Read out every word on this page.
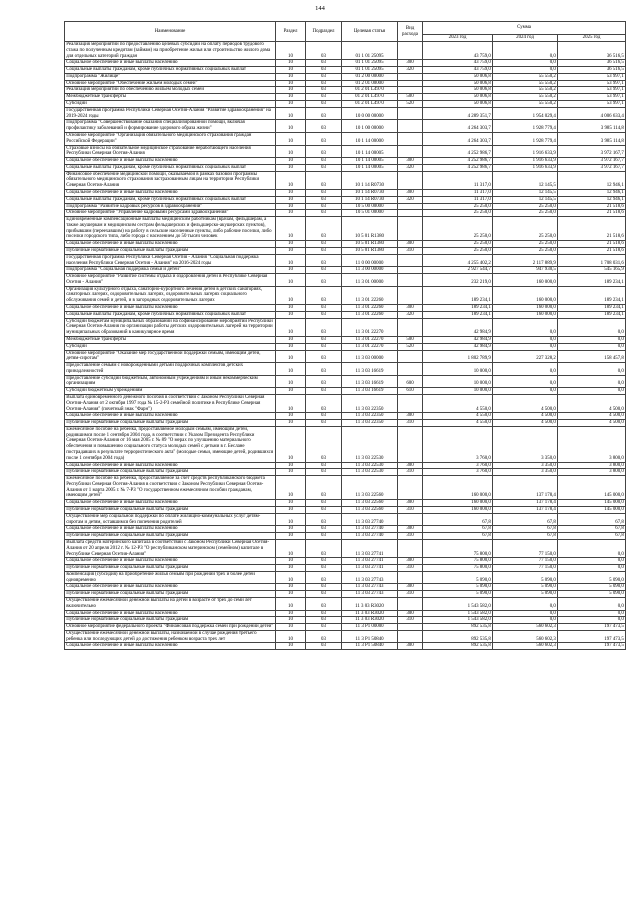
144
Наименование	Раздел	Подраздел	Целевая статья	Вид расхода	Сумма		
					2023 год	2024 год	2025 год
Реализация мероприятий по предоставлению целевых субсидий на оплату периодов трудового стажа по полученным кредитам (займам) на приобретение жилья или строительство жилого дома для отдельных категорий граждан	10	03	01 1 01 25095		43 759,0	0,0	36 516,5
Социальное обеспечение и иные выплаты населению	10	03	01 1 01 25095	300	43 759,0	0,0	36 516,5
Социальные выплаты гражданам, кроме публичных нормативных социальных выплат	10	03	01 1 01 25095	320	43 759,0	0,0	36 516,5
Подпрограмма "Жилище"	10	03	01 2 00 00000		50 006,8	55 550,2	53 997,1
Основное мероприятие "Обеспечение жильем молодых семей"	10	03	01 2 01 00000		50 006,8	55 550,2	53 997,1
Реализация мероприятий по обеспечению жильем молодых семей	10	03	01 2 01 L4970		50 006,8	55 550,2	53 997,1
Межбюджетные трансферты	10	03	01 2 01 L4970	500	50 006,8	55 550,2	53 997,1
Субсидии	10	03	01 2 01 L4970	520	50 006,8	55 550,2	53 997,1
Государственная программа Республики Северная Осетия-Алания "Развитие здравоохранения" на 2019-2024 годы	10	03	10 0 00 00000		4 289 351,7	1 954 029,4	4 006 633,4
Подпрограмма "Совершенствование оказания специализированной помощи, включая профилактику заболеваний и формирование здорового образа жизни"	10	03	10 1 00 00000		4 264 303,7	1 928 779,4	3 985 114,8
Основное мероприятие "Организация обязательного медицинского страхования граждан Российской Федерации"	10	03	10 1 14 00000		4 264 303,7	1 928 779,4	3 985 114,8
Страховые взносы на обязательное медицинское страхование неработающего населения Республики Северная Осетия-Алания	10	03	10 1 14 00005		4 252 986,7	1 916 633,9	3 972 167,7
Социальное обеспечение и иные выплаты населению	10	03	10 1 14 00005	300	4 252 986,7	1 916 633,9	3 972 167,7
Социальные выплаты гражданам, кроме публичных нормативных социальных выплат	10	03	10 1 14 00005	320	4 252 986,7	1 916 633,9	3 972 167,7
Финансовое обеспечение медицинской помощи, оказываемой в рамках базовой программы обязательного медицинского страхования застрахованным лицам на территории Республики Северная Осетия-Алания	10	03	10 1 14 R0730		11 317,0	12 145,5	12 946,1
Социальное обеспечение и иные выплаты населению	10	03	10 1 14 R0730	300	11 317,0	12 145,5	12 946,1
Социальные выплаты гражданам, кроме публичных нормативных социальных выплат	10	03	10 1 14 R0730	320	11 317,0	12 145,5	12 946,1
Подпрограмма "Развитие кадровых ресурсов в здравоохранении"	10	03	10 5 00 00000		25 250,0	25 250,0	21 518,6
Основное мероприятие "Управление кадровыми ресурсами здравоохранения"	10	03	10 5 01 00000		25 250,0	25 250,0	21 518,6
Единовременные компенсационные выплаты медицинским работникам (врачам, фельдшерам, а также акушеркам и медицинским сестрам фельдшерских и фельдшерско-акушерских пунктов), прибывшим (переехавшим) на работу в сельские населенные пункты, либо рабочие поселки, либо поселки городского типа, либо города с населением до 50 тысяч человек	10	03	10 5 01 R1380		25 250,0	25 250,0	21 518,6
Социальное обеспечение и иные выплаты населению	10	03	10 5 01 R1380	300	25 250,0	25 250,0	21 518,6
Публичные нормативные социальные выплаты гражданам	10	03	10 5 01 R1380	310	25 250,0	25 250,0	21 518,6
Государственная программа Республики Северная Осетия - Алания "Социальная поддержка населения Республики Северная Осетия - Алания" на 2016-2024 годы	10	03	11 0 00 00000		4 255 402,2	2 117 889,9	1 708 031,6
Подпрограмма "Социальная поддержка семьи и детей"	10	03	11 3 00 00000		2 927 544,7	947 930,5	545 165,9
Основное мероприятие "Развитие системы отдыха и оздоровления детей в Республике Северная Осетия - Алания"	10	03	11 3 01 00000		232 219,0	160 000,0	189 234,1
Организация культурного отдыха, санаторно-курортного лечения детей в детских санаториях, санаторных лагерях, оздоровительных лагерях, оздоровительных лагерях социального обслуживания семей и детей, и в загородных оздоровительных лагерях	10	03	11 3 01 22260		189 234,1	160 000,0	189 234,1
Социальное обеспечение и иные выплаты населению	10	03	11 3 01 22260	300	189 234,1	160 000,0	189 234,1
Социальные выплаты гражданам, кроме публичных нормативных социальных выплат	10	03	11 3 01 22260	320	189 234,1	160 000,0	189 234,1
Субсидии бюджетам муниципальных образований на софинансирование мероприятий Республики Северная Осетия-Алания по организации работы детских оздоровительных лагерей на территории муниципальных образований в каникулярное время	10	03	11 3 01 22270		42 984,9	0,0	0,0
Межбюджетные трансферты	10	03	11 3 01 22270	500	42 984,9	0,0	0,0
Субсидии	10	03	11 3 01 22270	520	42 984,9	0,0	0,0
Основное мероприятие "Оказание мер государственной поддержки семьям, имеющим детей, детям-сиротам"	10	03	11 3 03 00000		1 802 789,9	227 328,2	158 457,8
Предоставление семьям с новорожденными детьми подарочных комплектов детских принадлежностей	10	03	11 3 03 16619		10 000,0	0,0	0,0
Предоставление субсидий бюджетным, автономным учреждениям и иным некоммерческим организациям	10	03	11 3 03 16619	600	10 000,0	0,0	0,0
Субсидии бюджетным учреждениям	10	03	11 3 03 16619	610	10 000,0	0,0	0,0
Выплата единовременного денежного пособия в соответствии с Законом Республики Северная Осетия-Алания от 2 октября 1997 года № 15-2-РЗ семейной политике в Республике Северная Осетия-Алания" (почетный знак "Фарн")	10	03	11 3 03 22350		4 550,0	4 500,0	4 500,0
Социальное обеспечение и иные выплаты населению	10	03	11 3 03 22350	300	4 550,0	4 500,0	4 500,0
Публичные нормативные социальные выплаты гражданам	10	03	11 3 03 22350	310	4 550,0	4 500,0	4 500,0
Ежемесячное пособие на ребенка, предоставляемое молодым семьям, имеющим детей, родившимся после 1 сентября 2004 года, в соответствии с Указом Президента Республики Северная Осетия-Алания от 16 мая 2005 г. № 89 "О мерах по улучшению материального обеспечения и повышению социального статуса молодых семей с детьми в г. Беслане пострадавших в результате террористического акта" (молодые семьи, имеющие детей, родившихся после 1 сентября 2004 года)	10	03	11 3 03 22530		3 760,0	3 350,0	3 800,0
Социальное обеспечение и иные выплаты населению	10	03	11 3 03 22530	300	3 760,0	3 350,0	3 800,0
Публичные нормативные социальные выплаты гражданам	10	03	11 3 03 22530	310	3 760,0	3 350,0	3 800,0
Ежемесячное пособие на ребенка, предоставляемое за счет средств республиканского бюджета Республики Северная Осетия-Алания в соответствии с Законом Республики Северная Осетия-Алания от 1 марта 2005 г. № 7-РЗ "О государственном ежемесячном пособии гражданам, имеющим детей"	10	03	11 3 03 22560		160 000,0	137 178,4	145 000,0
Социальное обеспечение и иные выплаты населению	10	03	11 3 03 22560	300	160 000,0	137 178,4	145 000,0
Публичные нормативные социальные выплаты гражданам	10	03	11 3 03 22560	310	160 000,0	137 178,4	145 000,0
Осуществление мер социальной поддержки по оплате жилищно-коммунальных услуг детям-сиротам и детям, оставшимся без попечения родителей	10	03	11 3 03 27740		67,8	67,8	67,8
Социальное обеспечение и иные выплаты населению	10	03	11 3 03 27740	300	67,8	67,8	67,8
Публичные нормативные социальные выплаты гражданам	10	03	11 3 03 27740	310	67,8	67,8	67,8
Выплата средств материнского капитала в соответствии с Законом Республики Северная Осетия-Алания от 20 апреля 2012 г. № 12-РЗ "О республиканском материнском (семейном) капитале в Республике Северная Осетия-Алания"	10	03	11 3 03 27741		75 800,0	77 150,0	0,0
Социальное обеспечение и иные выплаты населению	10	03	11 3 03 27741	300	75 800,0	77 150,0	0,0
Публичные нормативные социальные выплаты гражданам	10	03	11 3 03 27741	310	75 800,0	77 150,0	0,0
Компенсация (субсидия) на приобретение жилья семьям при рождении трех и более детей одновременно	10	03	11 3 03 27743		5 090,0	5 090,0	5 090,0
Социальное обеспечение и иные выплаты населению	10	03	11 3 03 27743	300	5 090,0	5 090,0	5 090,0
Публичные нормативные социальные выплаты гражданам	10	03	11 3 03 27743	310	5 090,0	5 090,0	5 090,0
Осуществление ежемесячной денежной выплаты на детей в возрасте от трех до семи лет включительно	10	03	11 3 03 R3020		1 543 582,0	0,0	0,0
Социальное обеспечение и иные выплаты населению	10	03	11 3 03 R3020	300	1 543 582,0	0,0	0,0
Публичные нормативные социальные выплаты гражданам	10	03	11 3 03 R3020	310	1 543 582,0	0,0	0,0
Основное мероприятие федерального проекта "Финансовая поддержка семей при рождении детей"	10	03	11 3 P1 00000		892 535,8	560 602,3	197 473,5
Осуществление ежемесячной денежной выплаты, назначаемой в случае рождения третьего ребенка или последующих детей до достижения ребенком возраста трех лет	10	03	11 3 P1 50840		892 535,8	560 602,3	197 473,5
Социальное обеспечение и иные выплаты населению	10	03	11 3 P1 50840	300	892 535,8	560 602,3	197 473,5
